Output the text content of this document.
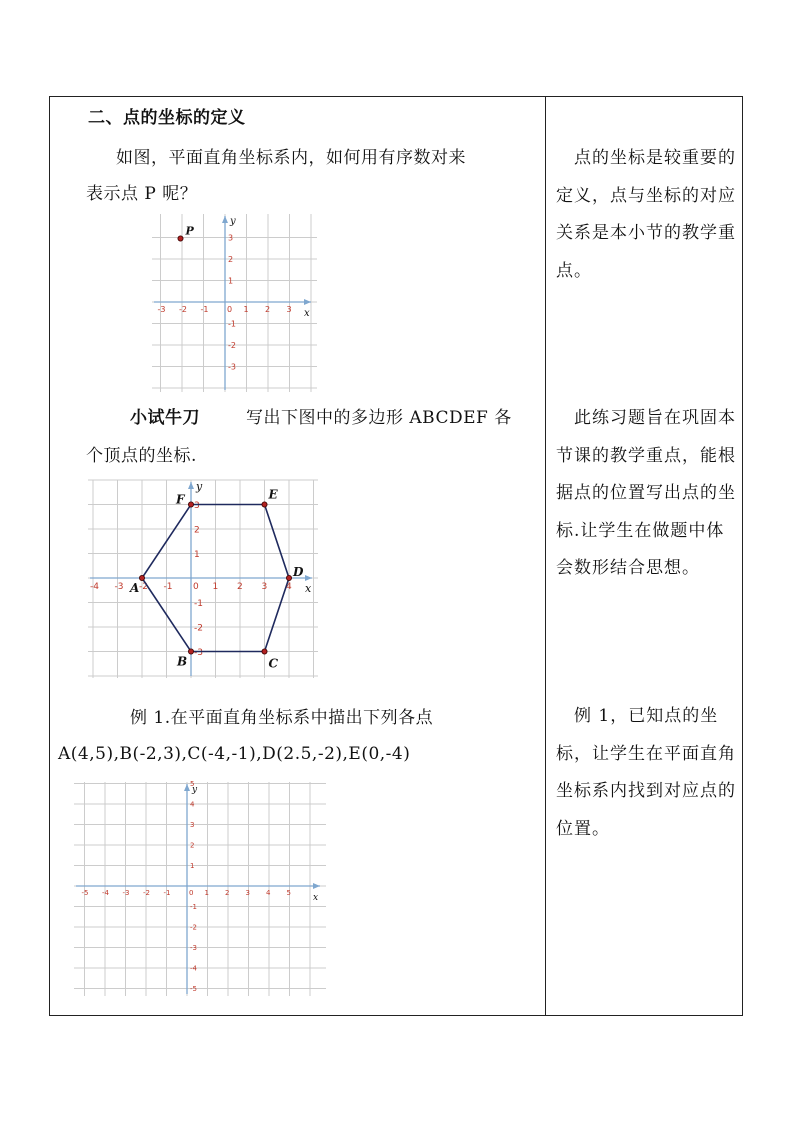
二、点的坐标的定义
如图，平面直角坐标系内，如何用有序数对来
表示点 P 呢？
x
y
-3 -2 -1 0 1 2 3
3
2
1
-1
-2
-3
P
小试牛刀	写出下图中的多边形 ABCDEF 各
个顶点的坐标.
x
y
-4 -3 -2 -1 0 1 2 3 4
3
2
1
-1
-2
-3
A
B	C
D
E
F
例 1.在平面直角坐标系中描出下列各点
A(4,5),B(-2,3),C(-4,-1),D(2.5,-2),E(0,-4)
x
y
-5 -4 -3 -2 -1	0 1 2 3 4 5
5
4
3
2
1
-1
-2
-3
-4
-5
　点的坐标是较重要的定义，点与坐标的对应关系是本小节的教学重点。
　此练习题旨在巩固本节课的教学重点，能根据点的位置写出点的坐标.让学生在做题中体会数形结合思想。
　例 1，已知点的坐标，让学生在平面直角坐标系内找到对应点的位置。
